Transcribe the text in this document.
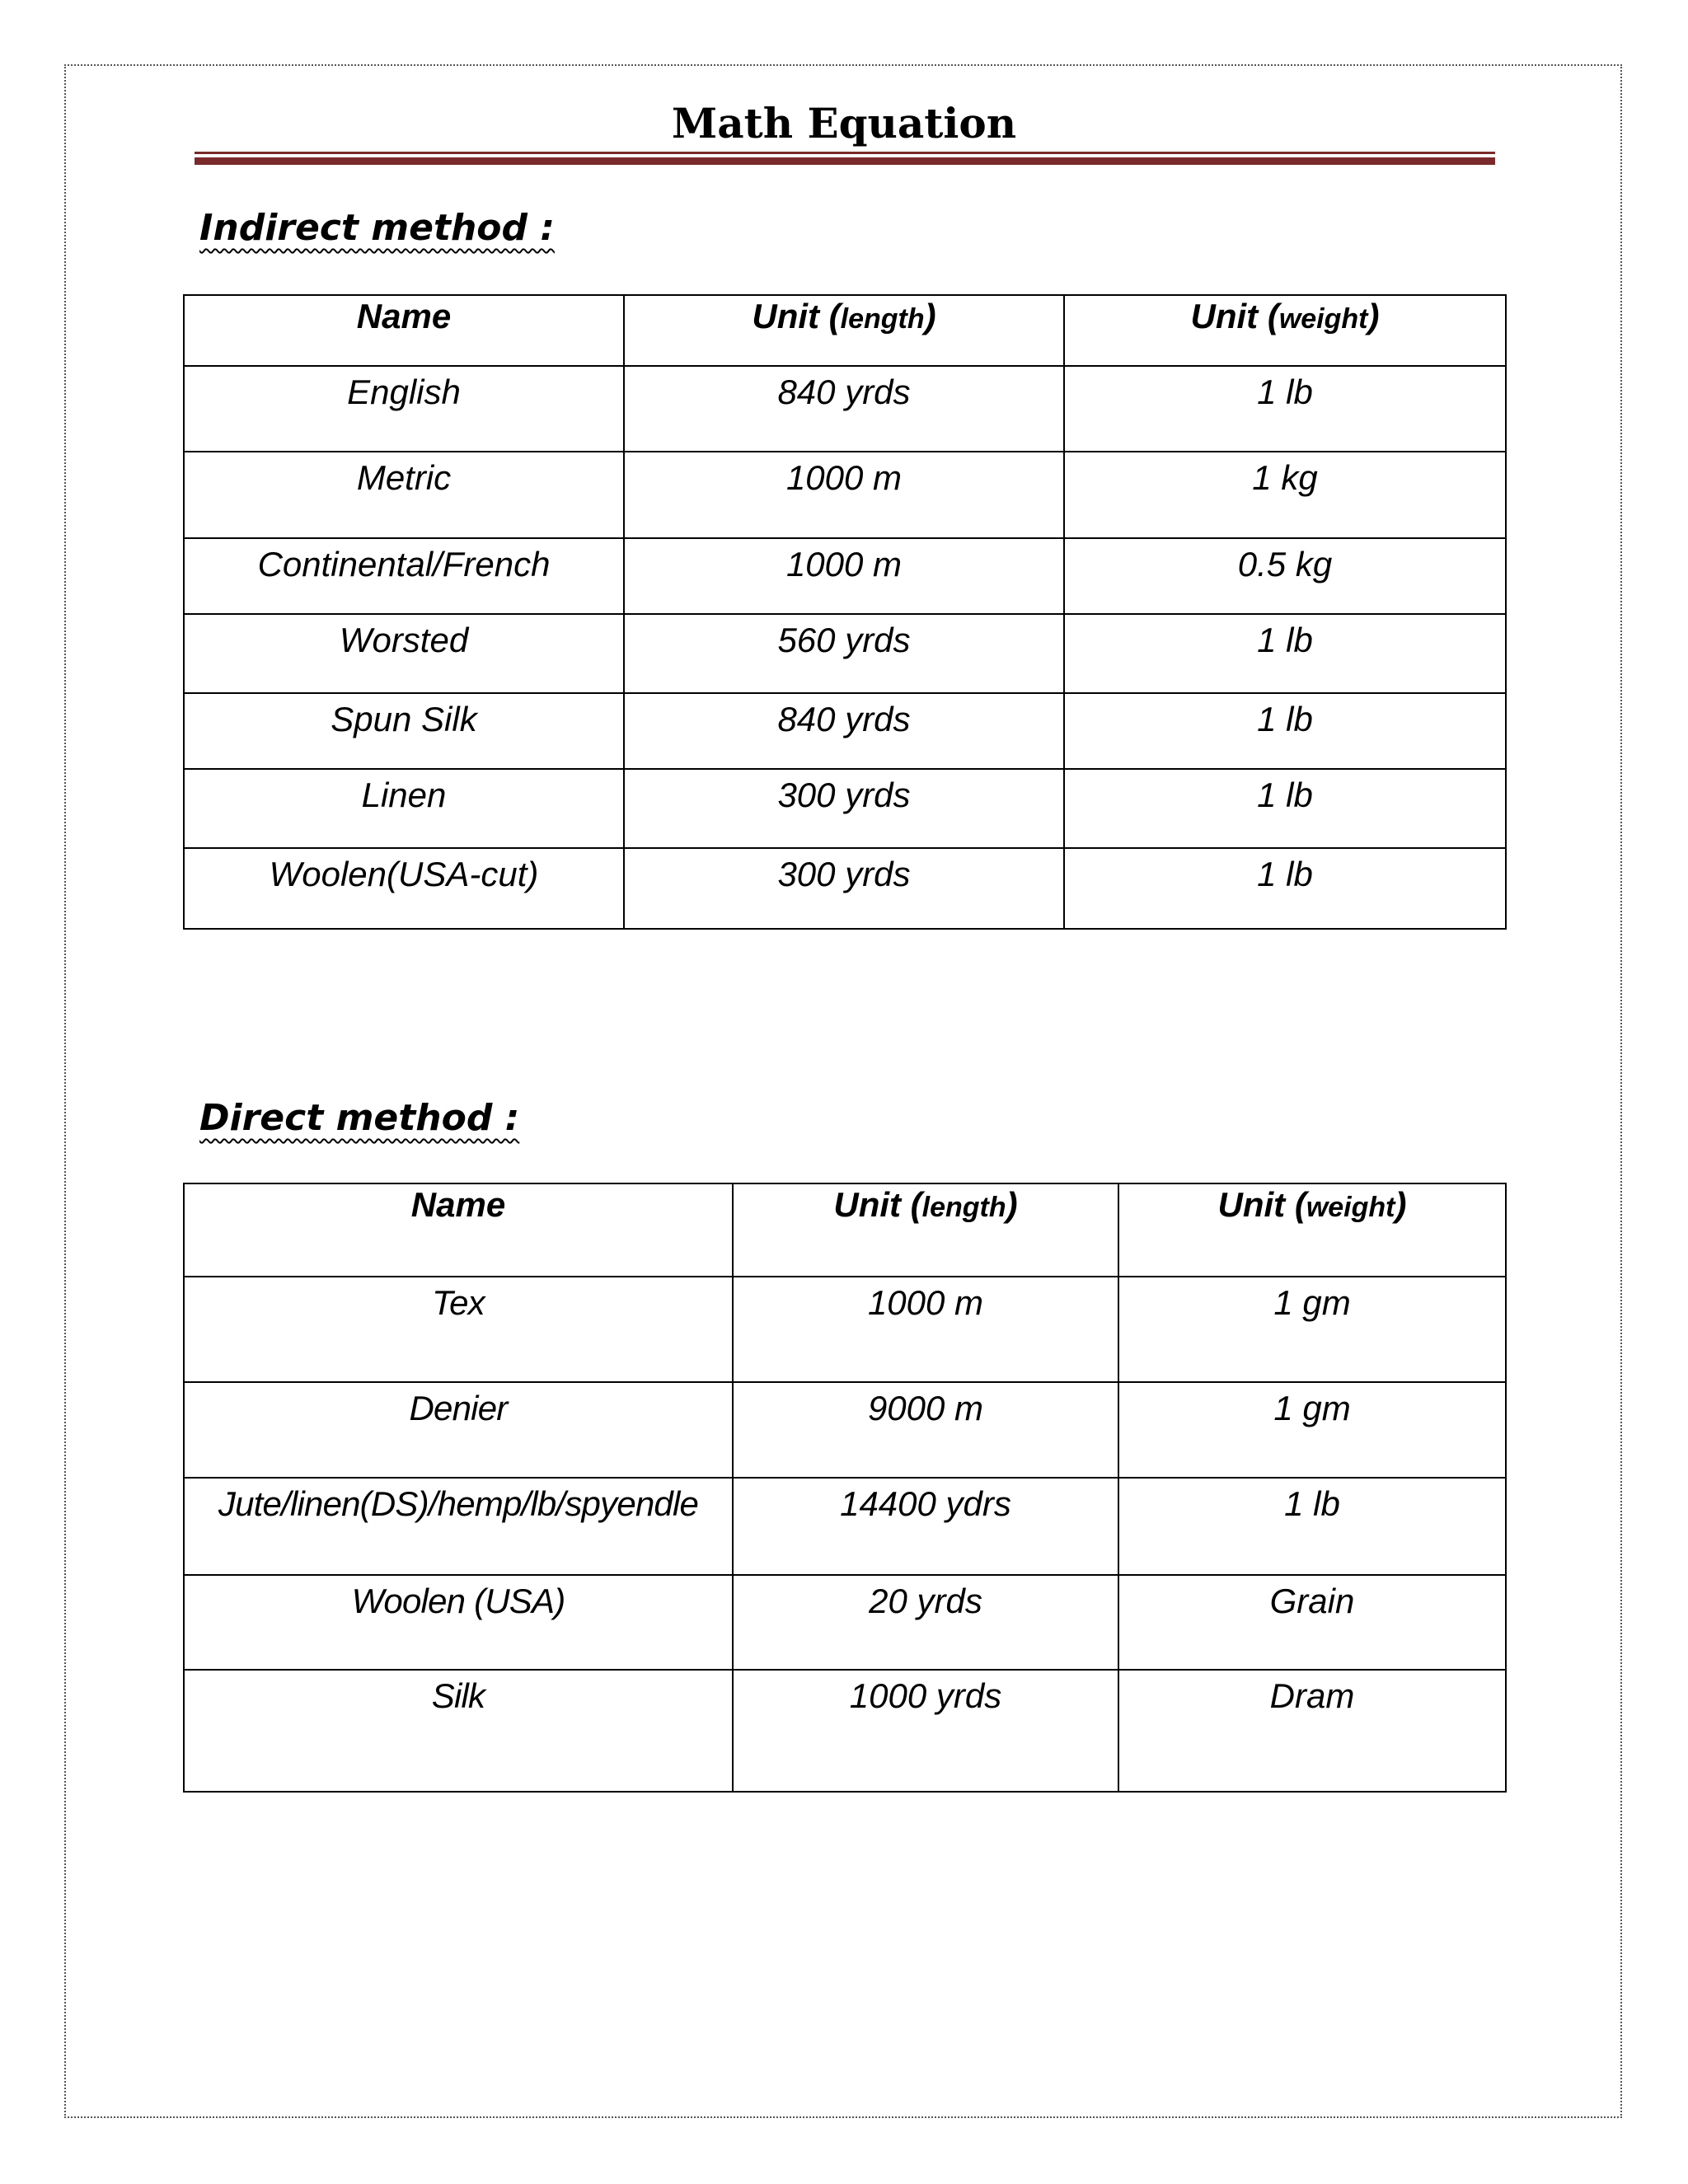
Math Equation
Indirect method :
Name	Unit (length)	Unit (weight)
English	840 yrds	1 lb
Metric	1000 m	1 kg
Continental/French	1000 m	0.5 kg
Worsted	560 yrds	1 lb
Spun Silk	840 yrds	1 lb
Linen	300 yrds	1 lb
Woolen(USA-cut)	300 yrds	1 lb
Direct method :
Name	Unit (length)	Unit (weight)
Tex	1000 m	1 gm
Denier	9000 m	1 gm
Jute/linen(DS)/hemp/lb/spyendle	14400 ydrs	1 lb
Woolen (USA)	20 yrds	Grain
Silk	1000 yrds	Dram
